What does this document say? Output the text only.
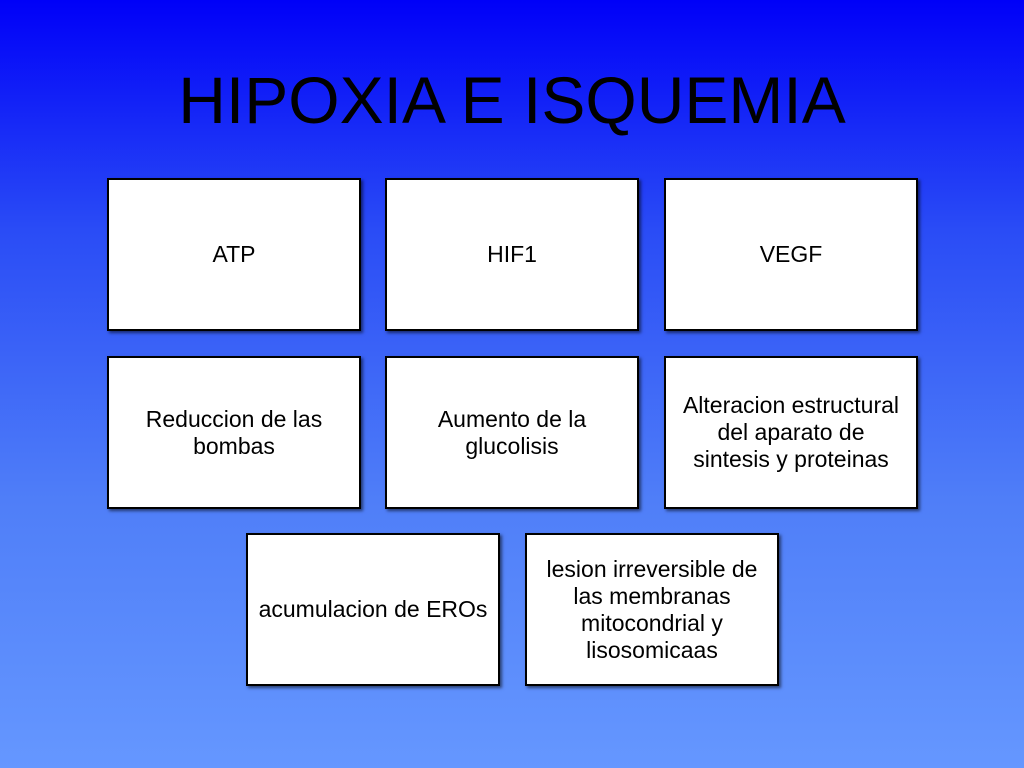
HIPOXIA E ISQUEMIA
ATP	HIF1	VEGF
Reduccion de las bombas
Aumento de la glucolisis
Alteracion estructural del aparato de sintesis y proteinas
acumulacion de EROs
lesion irreversible de las membranas mitocondrial y lisosomicaas
